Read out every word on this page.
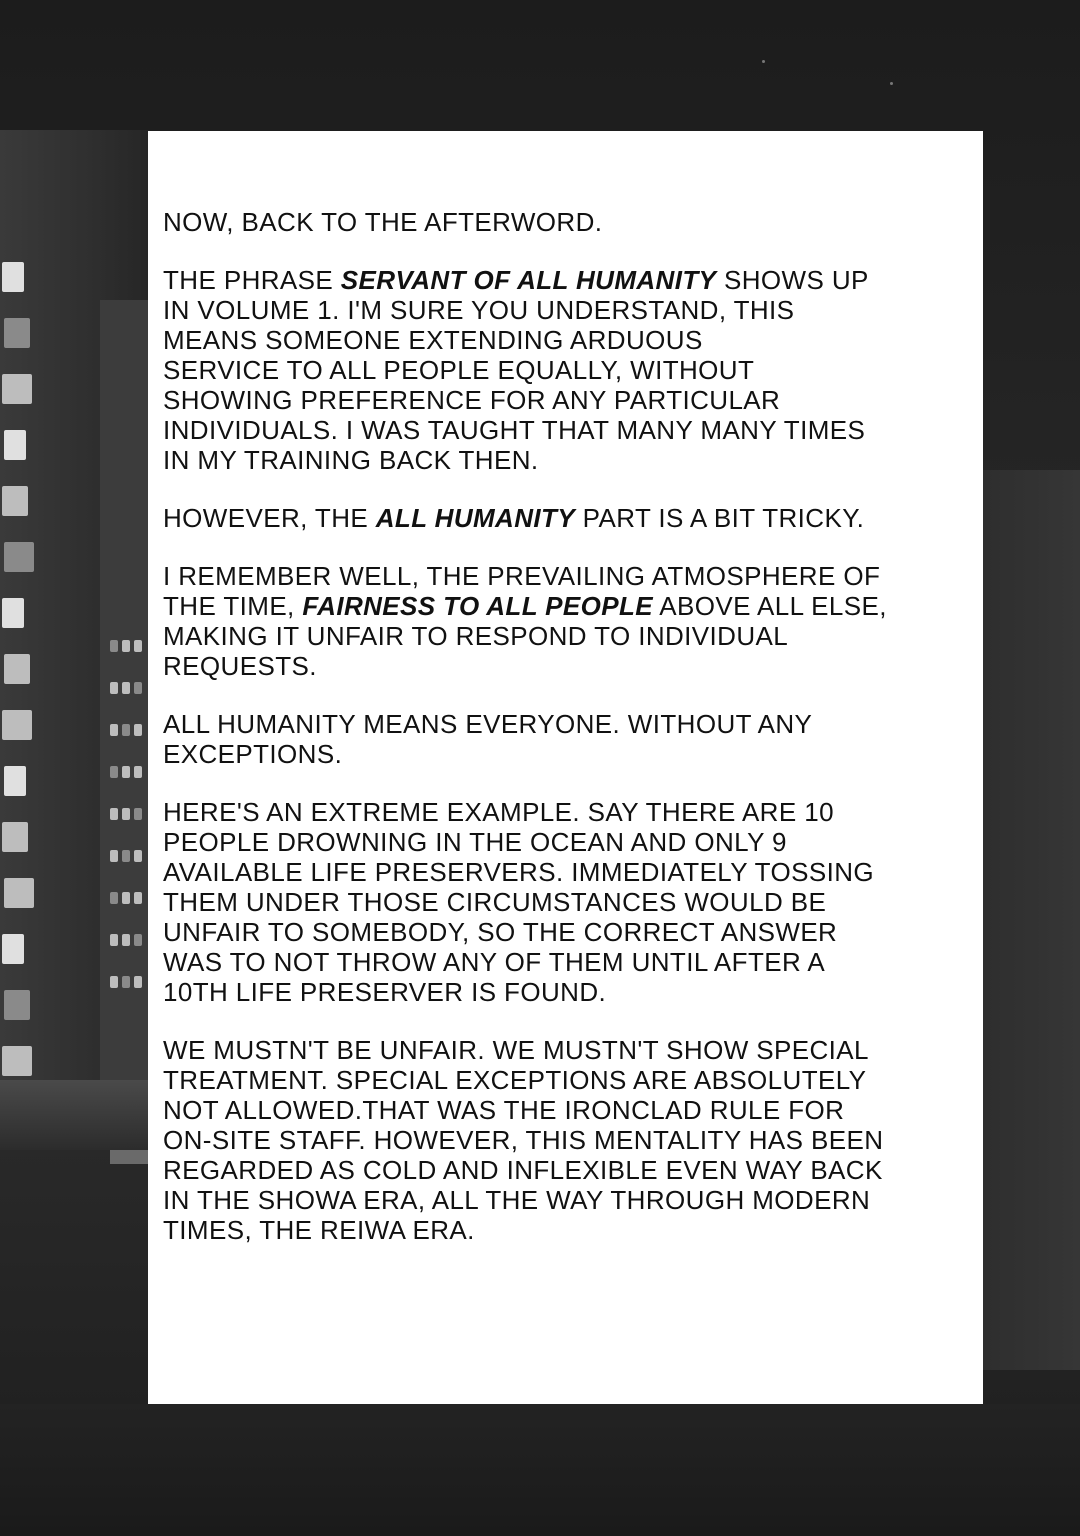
NOW, BACK TO THE AFTERWORD.

THE PHRASE SERVANT OF ALL HUMANITY SHOWS UP
IN VOLUME 1. I'M SURE YOU UNDERSTAND, THIS
MEANS SOMEONE EXTENDING ARDUOUS
SERVICE TO ALL PEOPLE EQUALLY, WITHOUT
SHOWING PREFERENCE FOR ANY PARTICULAR
INDIVIDUALS. I WAS TAUGHT THAT MANY MANY TIMES
IN MY TRAINING BACK THEN.

HOWEVER, THE ALL HUMANITY PART IS A BIT TRICKY.

I REMEMBER WELL, THE PREVAILING ATMOSPHERE OF
THE TIME, FAIRNESS TO ALL PEOPLE ABOVE ALL ELSE,
MAKING IT UNFAIR TO RESPOND TO INDIVIDUAL
REQUESTS.

ALL HUMANITY MEANS EVERYONE. WITHOUT ANY
EXCEPTIONS.

HERE'S AN EXTREME EXAMPLE. SAY THERE ARE 10
PEOPLE DROWNING IN THE OCEAN AND ONLY 9
AVAILABLE LIFE PRESERVERS. IMMEDIATELY TOSSING
THEM UNDER THOSE CIRCUMSTANCES WOULD BE
UNFAIR TO SOMEBODY, SO THE CORRECT ANSWER
WAS TO NOT THROW ANY OF THEM UNTIL AFTER A
10TH LIFE PRESERVER IS FOUND.

WE MUSTN'T BE UNFAIR. WE MUSTN'T SHOW SPECIAL
TREATMENT. SPECIAL EXCEPTIONS ARE ABSOLUTELY
NOT ALLOWED.THAT WAS THE IRONCLAD RULE FOR
ON-SITE STAFF. HOWEVER, THIS MENTALITY HAS BEEN
REGARDED AS COLD AND INFLEXIBLE EVEN WAY BACK
IN THE SHOWA ERA, ALL THE WAY THROUGH MODERN
TIMES, THE REIWA ERA.
